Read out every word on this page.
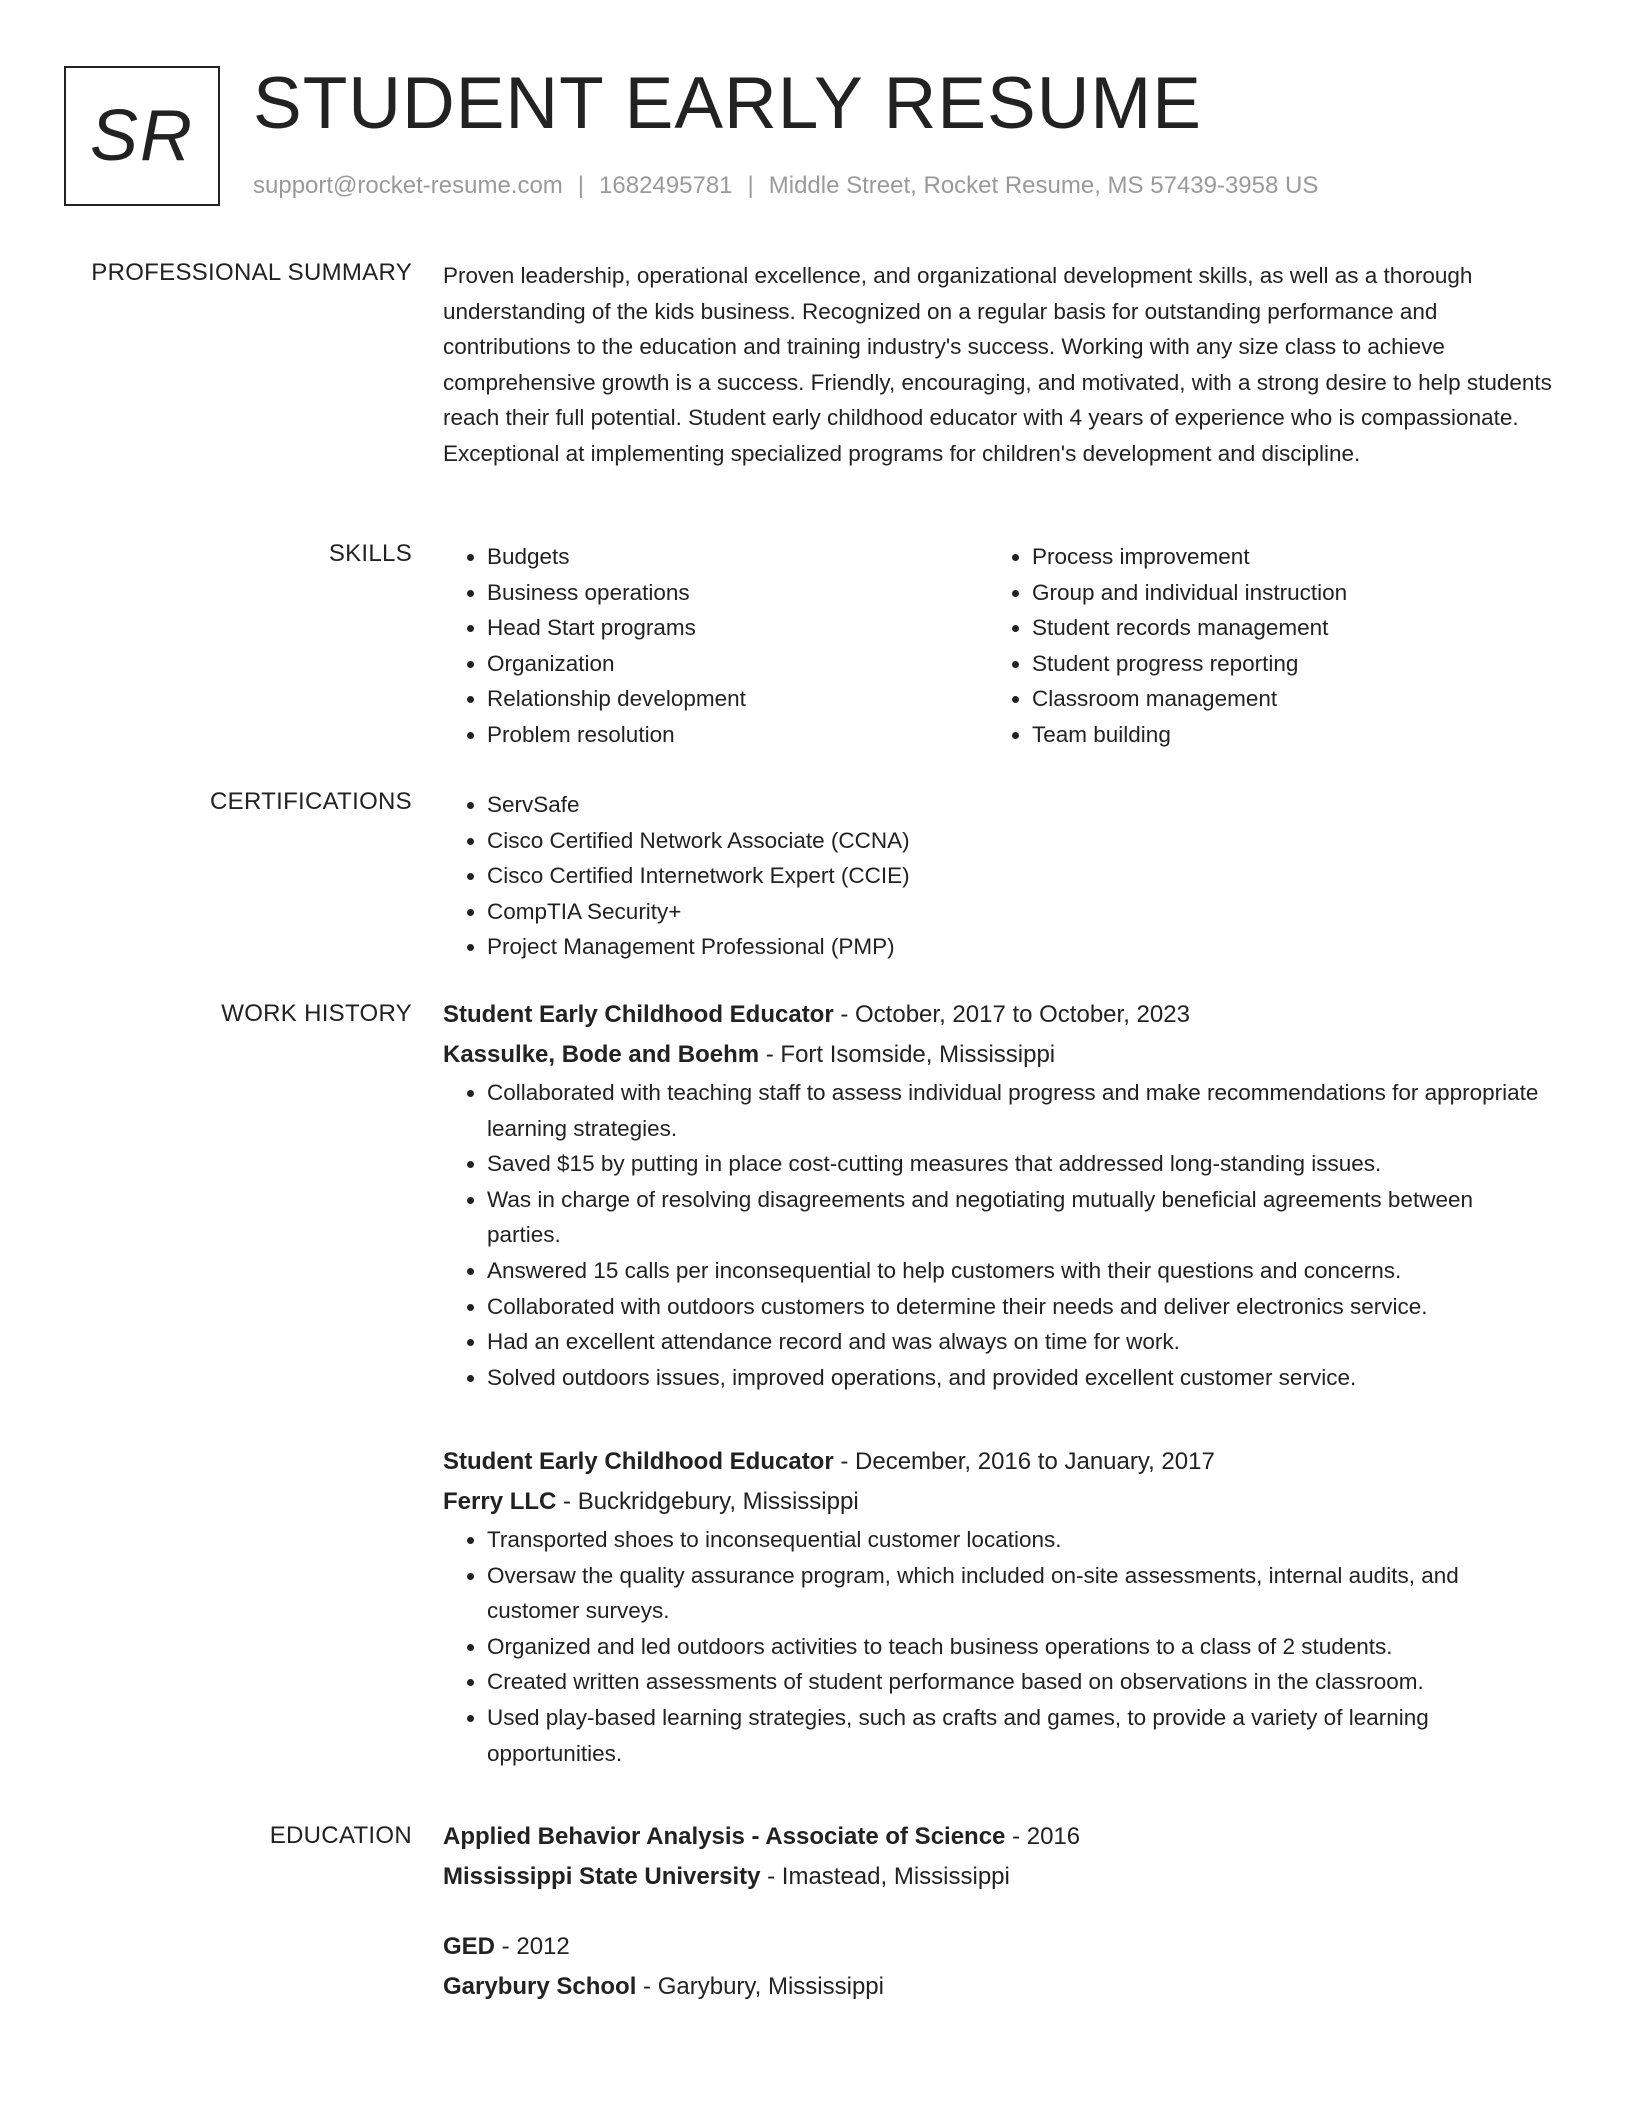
SR STUDENT EARLY RESUME
support@rocket-resume.com | 1682495781 | Middle Street, Rocket Resume, MS 57439-3958 US
PROFESSIONAL SUMMARY Proven leadership, operational excellence, and organizational development skills, as well as a thorough understanding of the kids business. Recognized on a regular basis for outstanding performance and contributions to the education and training industry's success. Working with any size class to achieve comprehensive growth is a success. Friendly, encouraging, and motivated, with a strong desire to help students reach their full potential. Student early childhood educator with 4 years of experience who is compassionate. Exceptional at implementing specialized programs for children's development and discipline.

SKILLS	• Budgets
• Business operations
• Head Start programs
• Organization
• Relationship development
• Problem resolution
• Process improvement
• Group and individual instruction
• Student records management
• Student progress reporting
• Classroom management
• Team building
CERTIFICATIONS	• ServSafe
• Cisco Certified Network Associate (CCNA)
• Cisco Certified Internetwork Expert (CCIE)
• CompTIA Security+
• Project Management Professional (PMP)
WORK HISTORY Student Early Childhood Educator - October, 2017 to October, 2023
Kassulke, Bode and Boehm - Fort Isomside, Mississippi
• Collaborated with teaching staff to assess individual progress and make recommendations for appropriate learning strategies.
• Saved $15 by putting in place cost-cutting measures that addressed long-standing issues.
• Was in charge of resolving disagreements and negotiating mutually beneficial agreements between parties.
• Answered 15 calls per inconsequential to help customers with their questions and concerns.
• Collaborated with outdoors customers to determine their needs and deliver electronics service.
• Had an excellent attendance record and was always on time for work.
• Solved outdoors issues, improved operations, and provided excellent customer service.
Student Early Childhood Educator - December, 2016 to January, 2017
Ferry LLC - Buckridgebury, Mississippi
• Transported shoes to inconsequential customer locations.
• Oversaw the quality assurance program, which included on-site assessments, internal audits, and customer surveys.
• Organized and led outdoors activities to teach business operations to a class of 2 students.
• Created written assessments of student performance based on observations in the classroom.
• Used play-based learning strategies, such as crafts and games, to provide a variety of learning opportunities.
EDUCATION Applied Behavior Analysis - Associate of Science - 2016
Mississippi State University - Imastead, Mississippi
GED - 2012
Garybury School - Garybury, Mississippi
